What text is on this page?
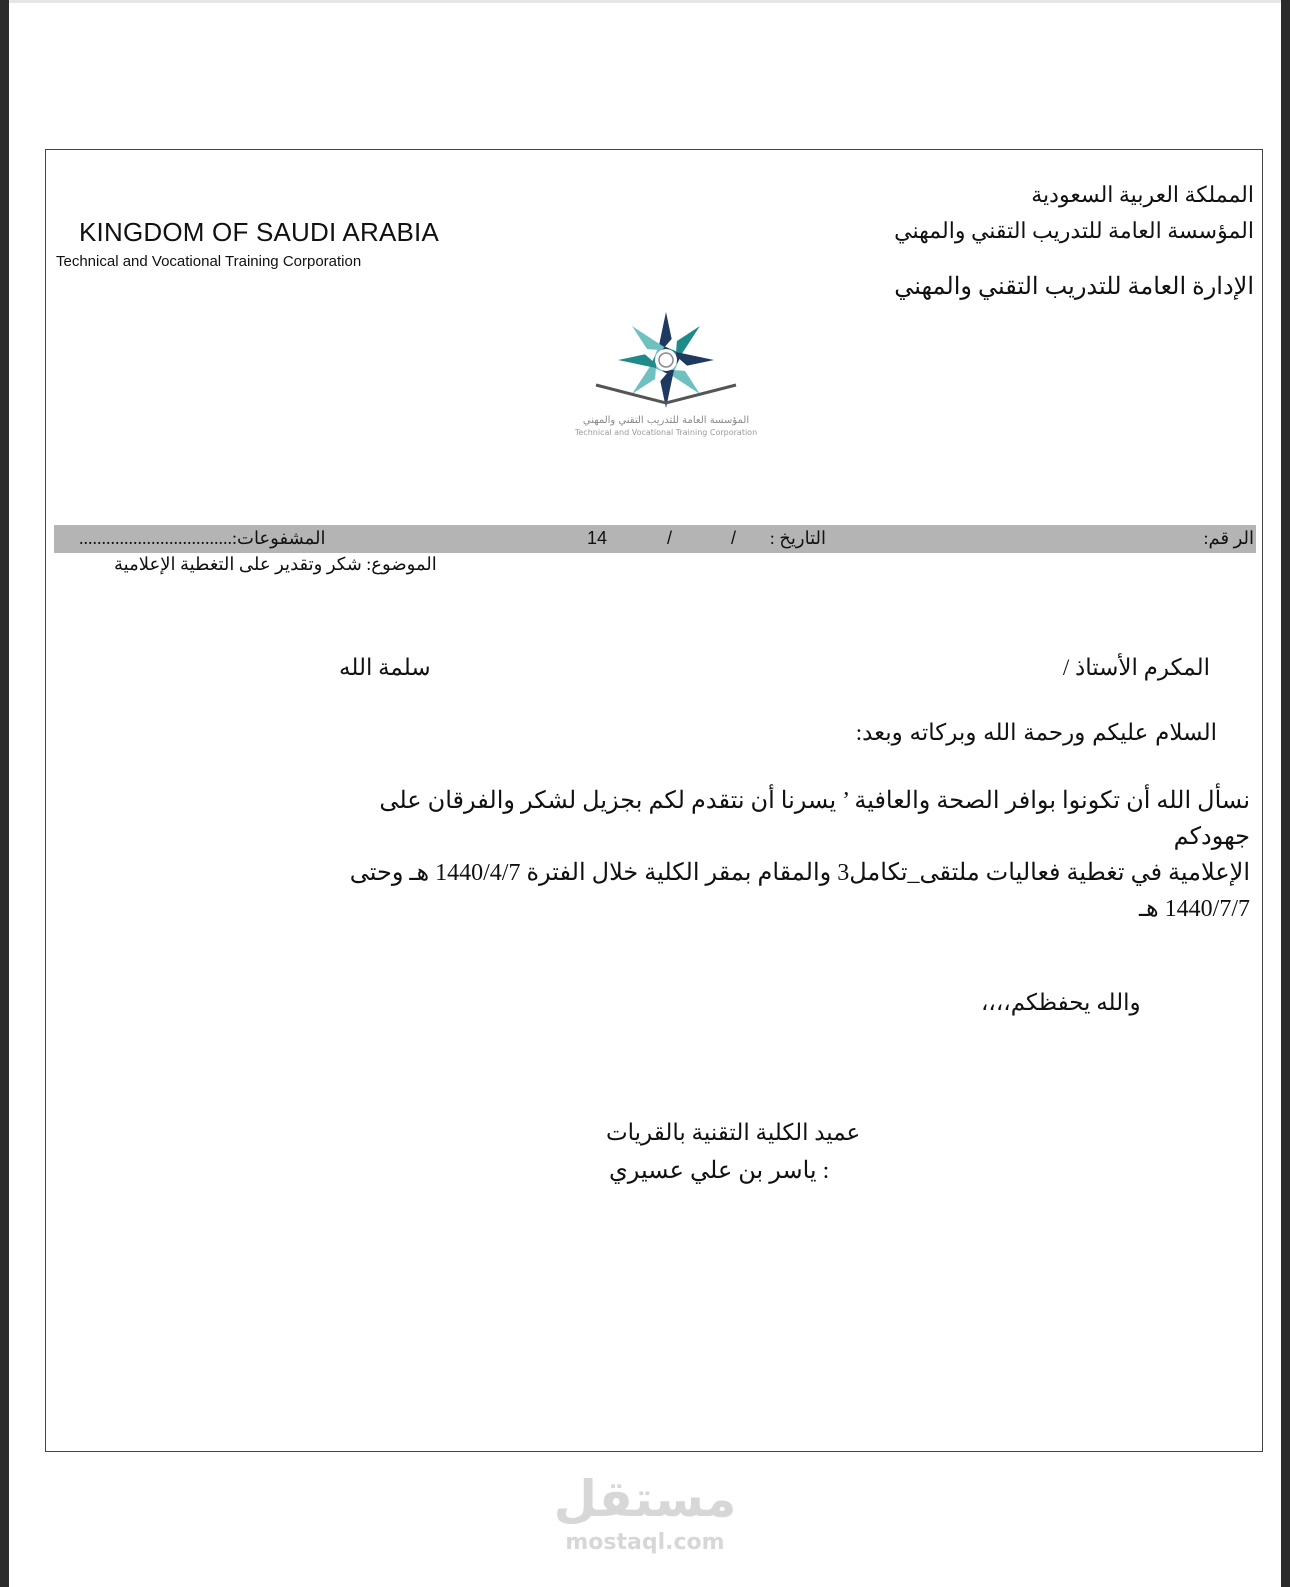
المملكة العربية السعودية
المؤسسة العامة للتدريب التقني والمهني
الإدارة العامة للتدريب التقني والمهني
KINGDOM OF SAUDI ARABIA
Technical and Vocational Training Corporation
المؤسسة العامة للتدريب التقني والمهني
Technical and Vocational Training Corporation
الر قم:
التاريخ :
/
/
14
المشفوعات:..................................
الموضوع: شكر وتقدير على التغطية الإعلامية
المكرم الأستاذ /
سلمة الله
السلام عليكم ورحمة الله وبركاته وبعد:

نسأل الله أن تكونوا بوافر الصحة والعافية ’ يسرنا أن نتقدم لكم بجزيل لشكر والفرقان على جهودكم

الإعلامية في تغطية فعاليات ملتقى_تكامل3 والمقام بمقر الكلية خلال الفترة 1440/4/7 هـ وحتى

1440/7/7 هـ

والله يحفظكم،،،،
عميد الكلية التقنية بالقريات
: ياسر بن علي عسيري
مستقل
mostaql.com
